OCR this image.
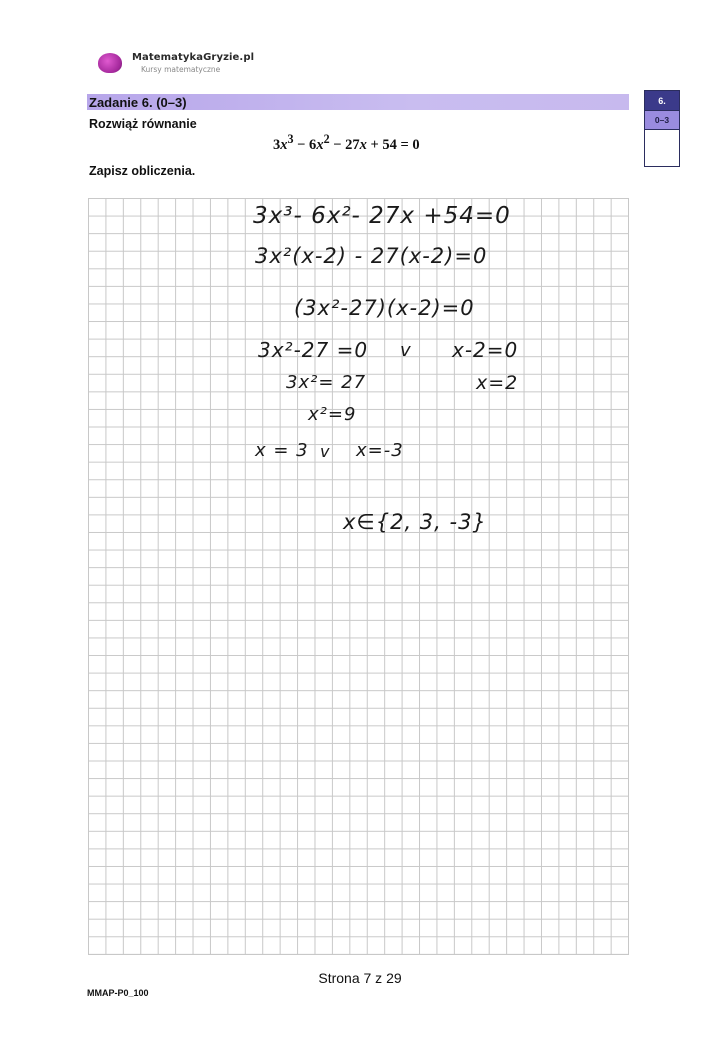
MatematykaGryzie.pl
Kursy matematyczne
Zadanie 6. (0–3)
Rozwiąż równanie
$3x^3 - 6x^2 - 27x + 54 = 0$
Zapisz obliczenia.
6.
0–3
3x³- 6x²- 27x +54=0
3x²(x-2) - 27(x-2)=0
(3x²-27)(x-2)=0
3x²-27 =0 v x-2=0
3x²= 27	x=2
x²=9
x = 3 v x=-3
x∈{2, 3, -3}
Strona 7 z 29
MMAP-P0_100
